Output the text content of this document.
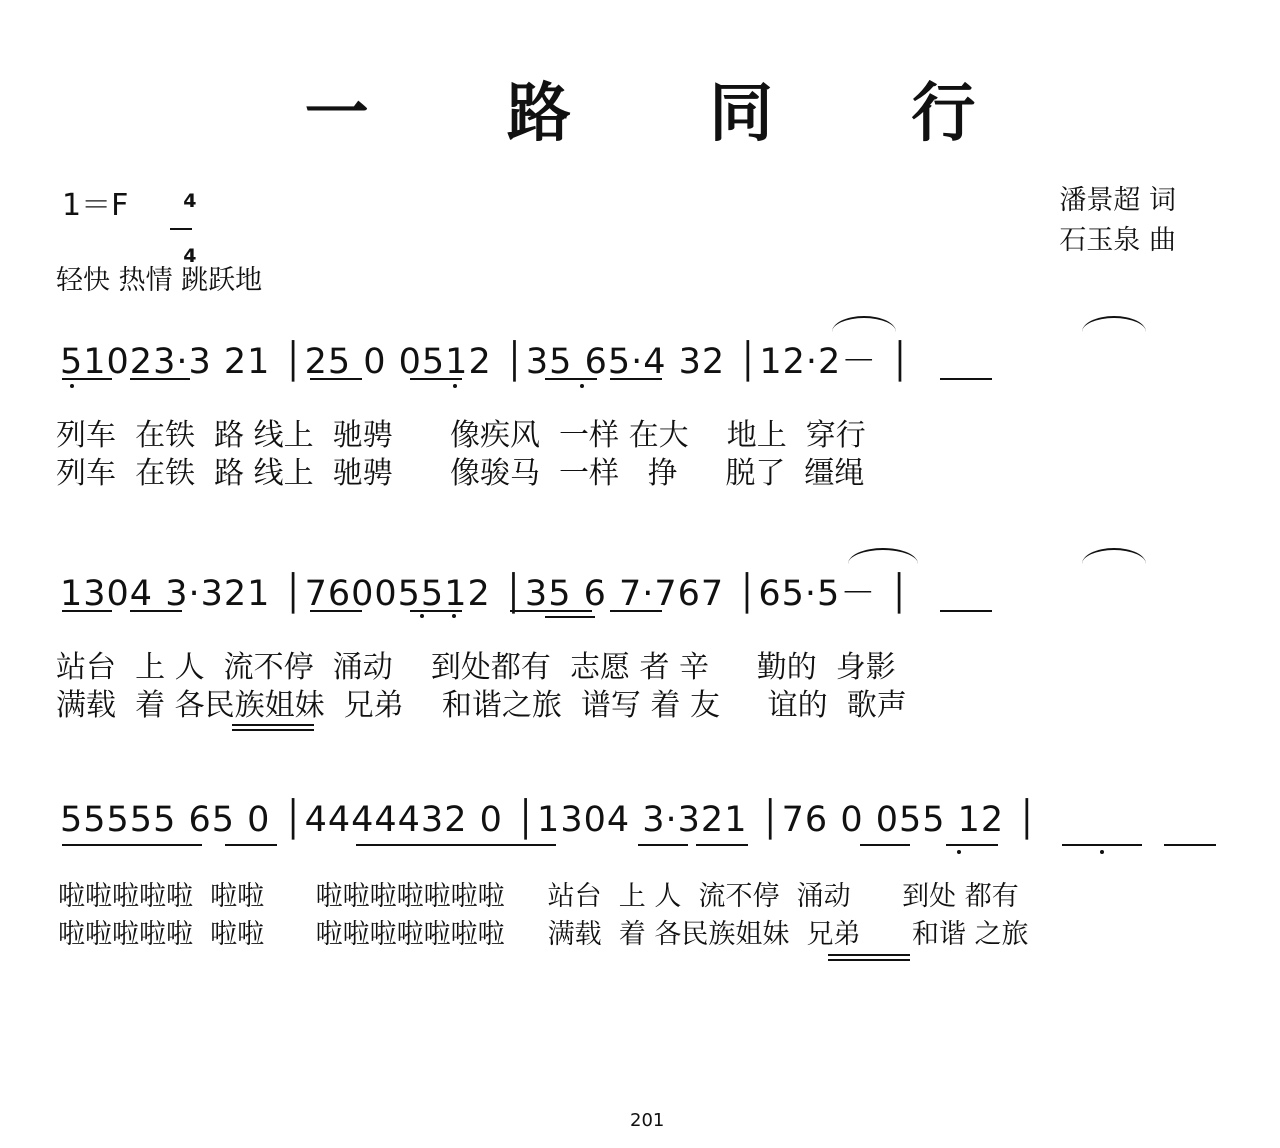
一 路 同 行
1＝F	4

4

潘景超 词
石玉泉 曲
轻快 热情 跳跃地
51023·3 21 │25 0 0512 │35 65·4 32 │12·2－ │
列车  在铁  路 线上  驰骋      像疾风  一样 在大    地上  穿行
列车  在铁  路 线上  驰骋      像骏马  一样   挣     脱了  缰绳
1304 3·321 │76005512 │35 6 7·767 │65·5－ │
站台  上 人  流不停  涌动    到处都有  志愿 者 辛     勤的  身影
满载  着 各民族姐妹  兄弟    和谐之旅  谱写 着 友     谊的  歌声
55555 65 0 │4444432 0 │1304 3·321 │76 0 055 12 │
啦啦啦啦啦  啦啦      啦啦啦啦啦啦啦     站台  上 人  流不停  涌动      到处 都有
啦啦啦啦啦  啦啦      啦啦啦啦啦啦啦     满载  着 各民族姐妹  兄弟      和谐 之旅
201
